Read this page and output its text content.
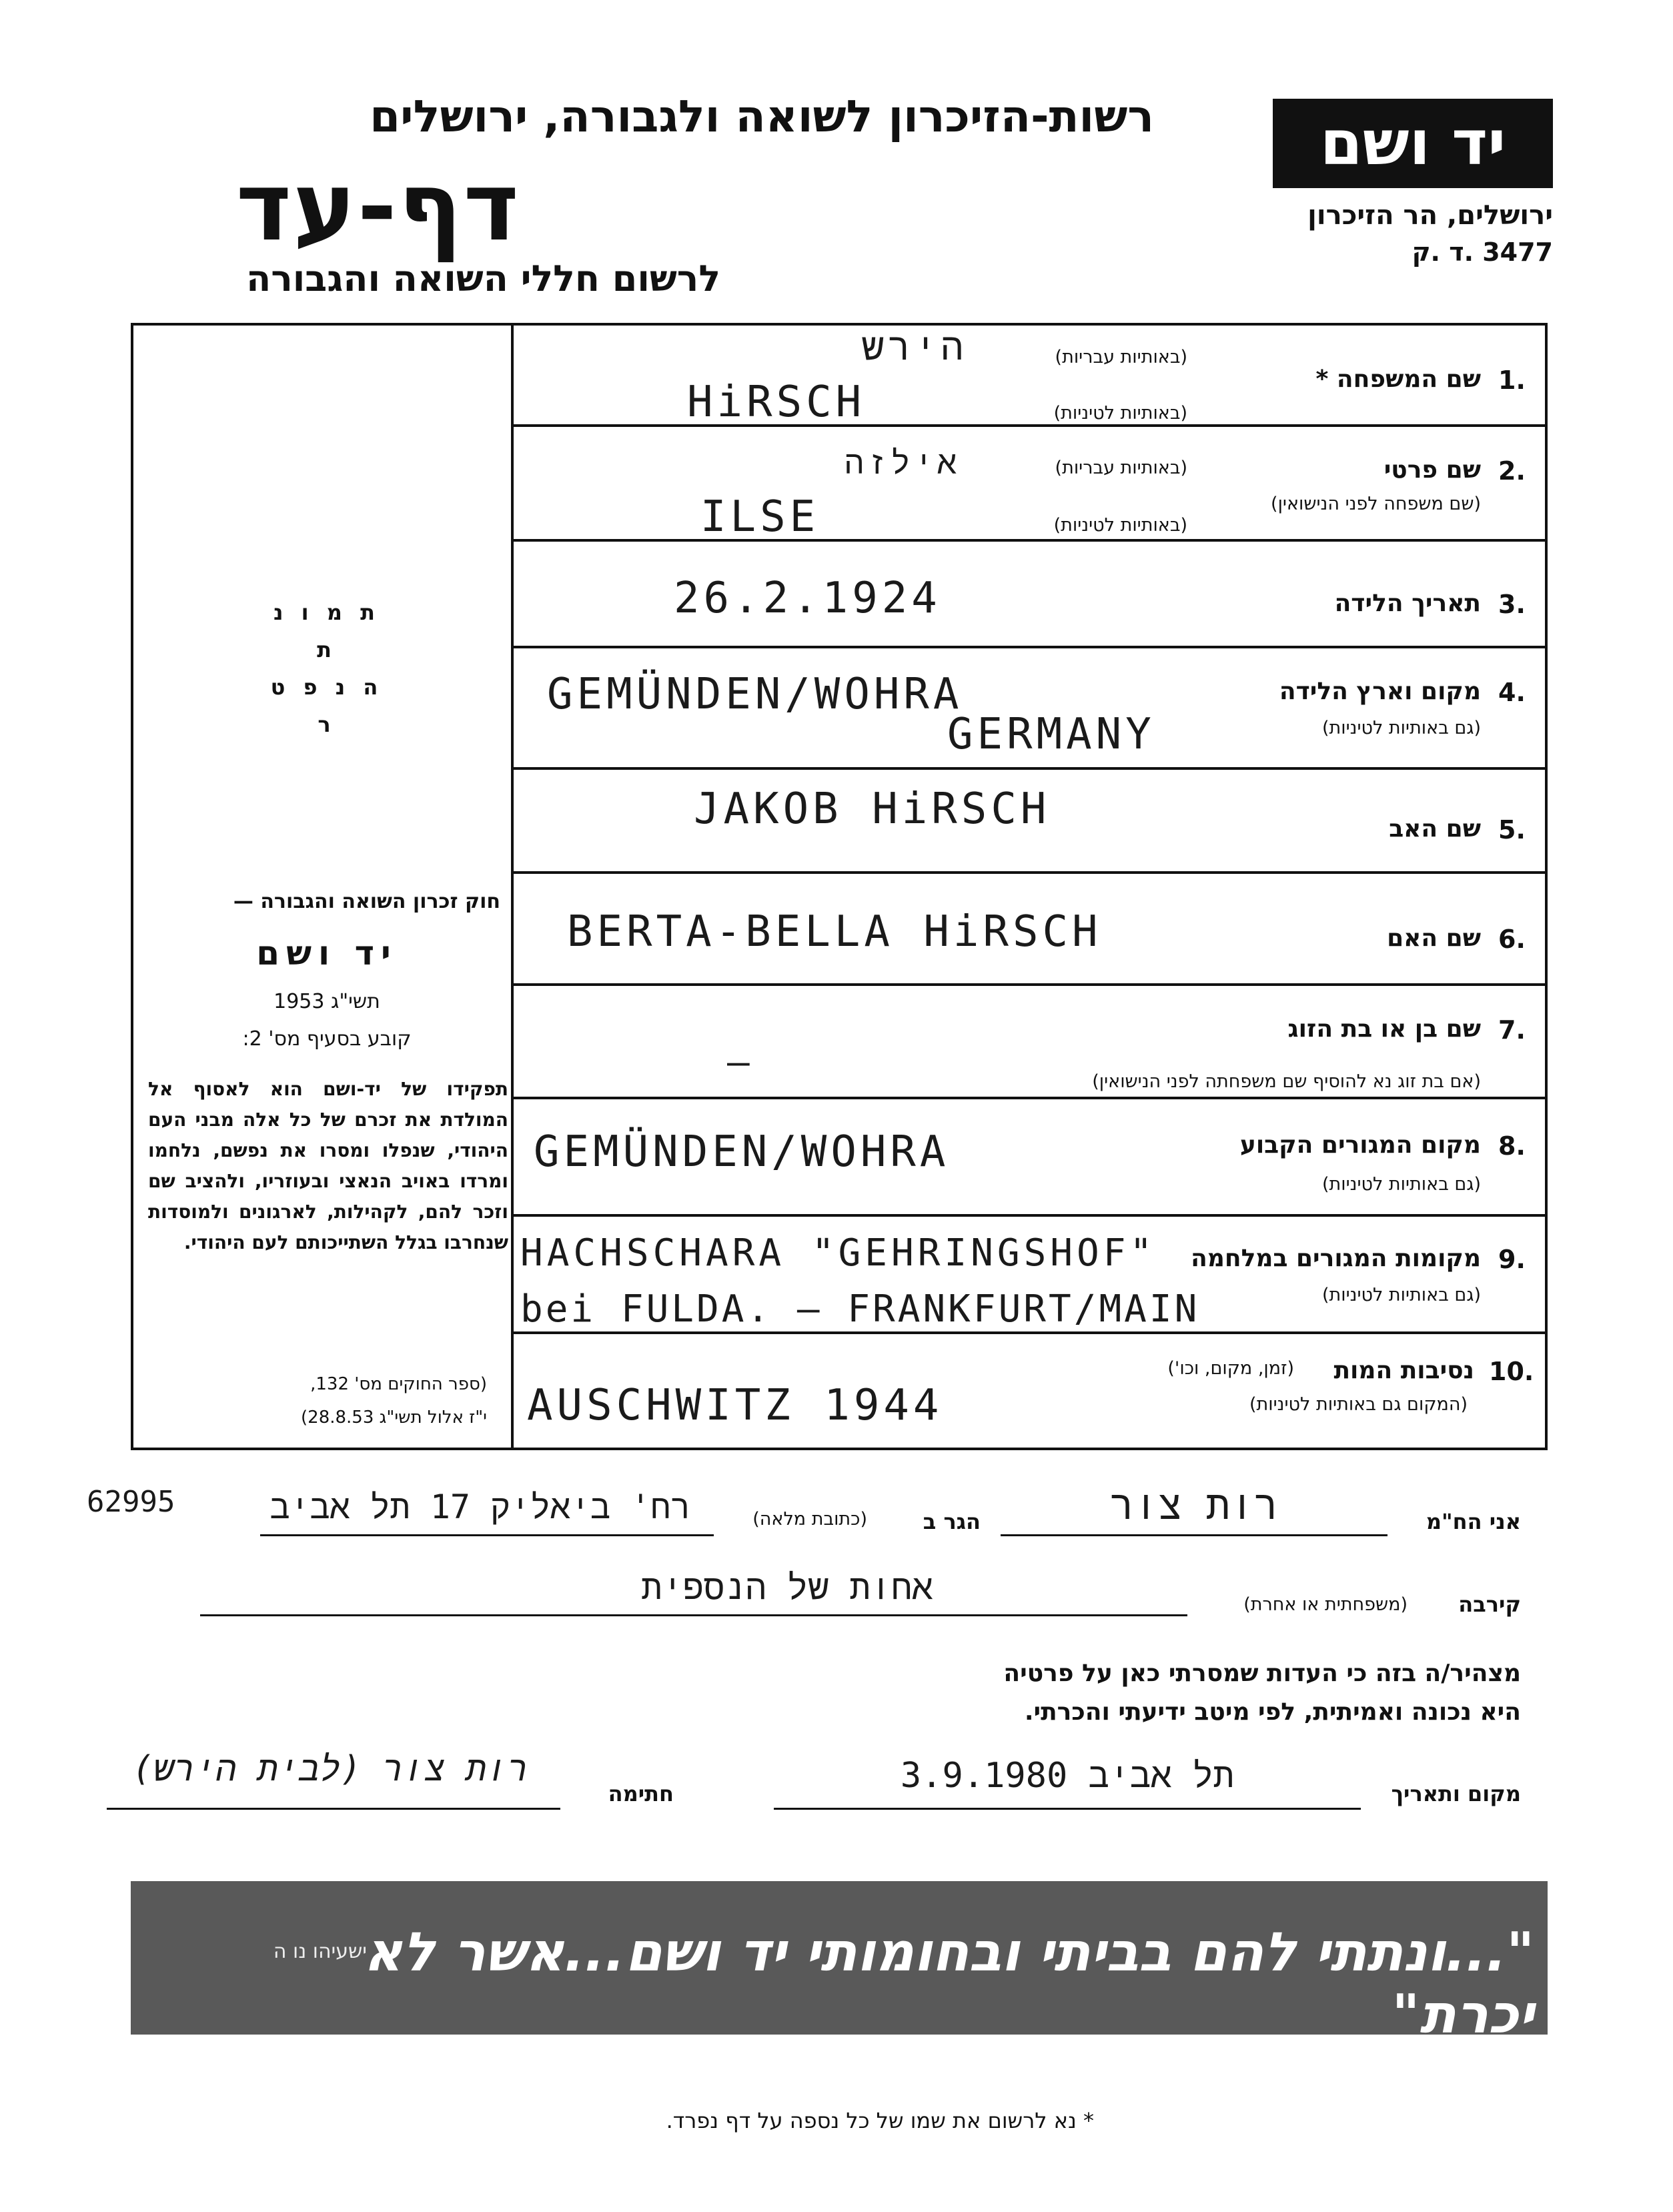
יד ושם
ירושלים, הר הזיכרון
3477 .ד .ק
רשות-הזיכרון לשואה ולגבורה, ירושלים
דף-עד
לרשום חללי השואה והגבורה
1.
שם המשפחה *
(באותיות עבריות)
(באותיות לטיניות)
הירש
HiRSCH
2.
שם פרטי
(שם משפחה לפני הנישואין)
(באותיות עבריות)
(באותיות לטיניות)
אילזה
ILSE
3.
תאריך הלידה
26.2.1924
4.
מקום וארץ הלידה
(גם באותיות לטיניות)
GEMÜNDEN/WOHRA
GERMANY
5.
שם האב
JAKOB HiRSCH
6.
שם האם
BERTA-BELLA HiRSCH
7.
שם בן או בת הזוג
(אם בת זוג נא להוסיף שם משפחתה לפני הנישואין)
—
8.
מקום המגורים הקבוע
(גם באותיות לטיניות)
GEMÜNDEN/WOHRA
9.
מקומות המגורים במלחמה
(גם באותיות לטיניות)
HACHSCHARA "GEHRINGSHOF"
bei FULDA. — FRANKFURT/MAIN
10.
נסיבות המות
(זמן, מקום, וכו')
(המקום גם באותיות לטיניות)
AUSCHWITZ 1944
ת מ ו נ ת
ה נ פ ט ר
חוק זכרון השואה והגבורה —
יד ושם
תשי"ג 1953
קובע בסעיף מס' 2:
תפקידו של יד-ושם הוא לאסוף אל המולדת את זכרם של כל אלה מבני העם היהודי, שנפלו ומסרו את נפשם, נלחמו ומרדו באויב הנאצי ובעוזריו, ולהציב שם וזכר להם, לקהילות, לארגונים ולמוסדות שנחרבו בגלל השתייכותם לעם היהודי.
(ספר החוקים מס' 132,
י"ז אלול תשי"ג 28.8.53)
62995
אני הח"מ
רות צור
הגר ב
(כתובת מלאה)
רח' ביאליק 17 תל אביב
קירבה
(משפחתית או אחרת)
אחות של הנספית
מצהיר/ה בזה כי העדות שמסרתי כאן על פרטיה
היא נכונה ואמיתית, לפי מיטב ידיעתי והכרתי.
מקום ותאריך
תל אביב 3.9.1980
חתימה
רות צור (לבית הירש)
"...ונתתי להם בביתי ובחומותי יד ושם...אשר לא יכרת"
ישעיהו נו ה
* נא לרשום את שמו של כל נספה על דף נפרד.
